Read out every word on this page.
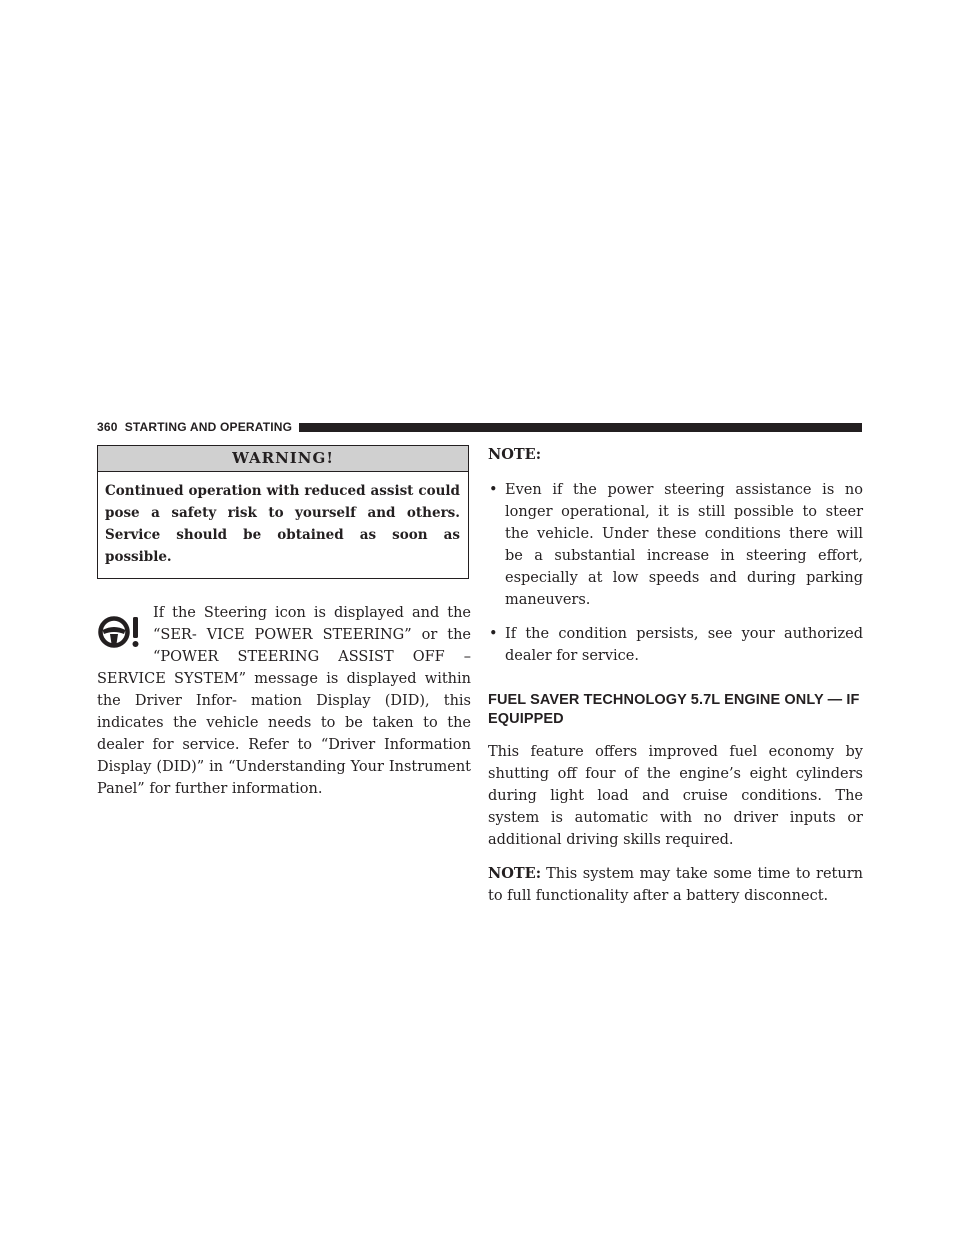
360 STARTING AND OPERATING
WARNING!
Continued operation with reduced assist could pose a safety risk to yourself and others. Service should be obtained as soon as possible.

If the Steering icon is displayed and the “SER- VICE POWER STEERING” or the “POWER STEERING ASSIST OFF – SERVICE SYSTEM” message is displayed within the Driver Infor- mation Display (DID), this indicates the vehicle needs to be taken to the dealer for service. Refer to “Driver Information Display (DID)” in “Understanding Your Instrument Panel” for further information.

NOTE:
• Even if the power steering assistance is no longer operational, it is still possible to steer the vehicle. Under these conditions there will be a substantial increase in steering effort, especially at low speeds and during parking maneuvers.
• If the condition persists, see your authorized dealer for service.
FUEL SAVER TECHNOLOGY 5.7L ENGINE ONLY — IF EQUIPPED

This feature offers improved fuel economy by shutting off four of the engine’s eight cylinders during light load and cruise conditions. The system is automatic with no driver inputs or additional driving skills required.

NOTE: This system may take some time to return to full functionality after a battery disconnect.
